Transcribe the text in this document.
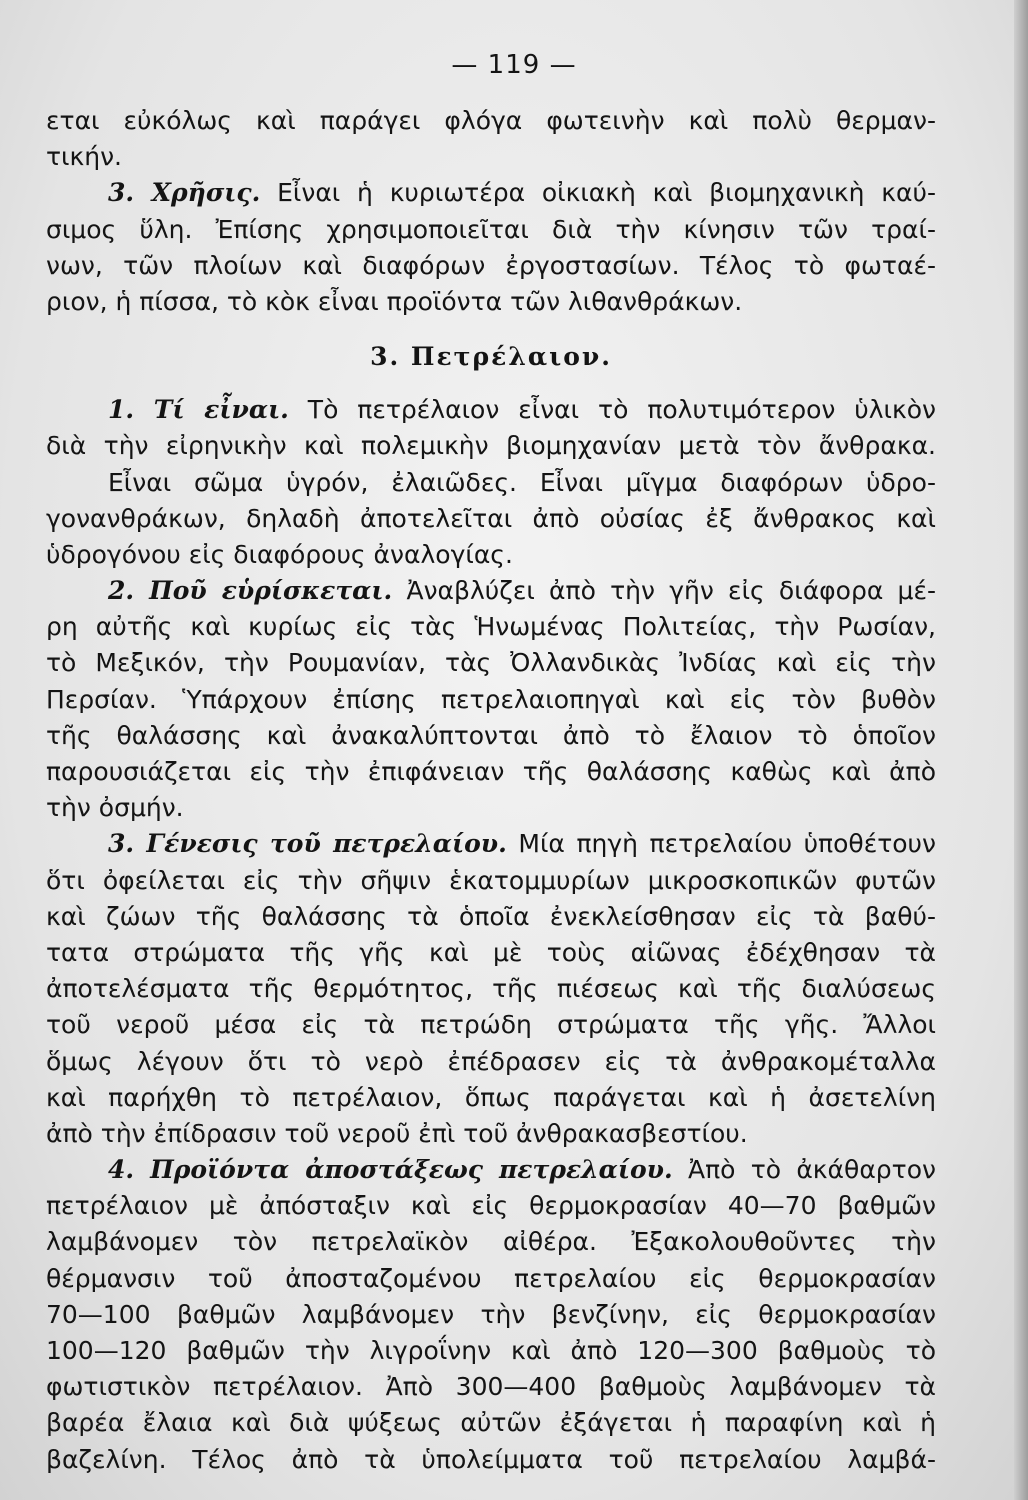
— 119 —
εται εὐκόλως καὶ παράγει φλόγα φωτεινὴν καὶ πολὺ θερμαν-
τικήν.
3. Χρῆσις. Εἶναι ἡ κυριωτέρα οἰκιακὴ καὶ βιομηχανικὴ καύ-
σιμος ὕλη. Ἐπίσης χρησιμοποιεῖται διὰ τὴν κίνησιν τῶν τραί-
νων, τῶν πλοίων καὶ διαφόρων ἐργοστασίων. Τέλος τὸ φωταέ-
ριον, ἡ πίσσα, τὸ κὸκ εἶναι προϊόντα τῶν λιθανθράκων.
3. Πετρέλαιον.
1. Τί εἶναι. Τὸ πετρέλαιον εἶναι τὸ πολυτιμότερον ὑλικὸν
διὰ τὴν εἰρηνικὴν καὶ πολεμικὴν βιομηχανίαν μετὰ τὸν ἄνθρακα.
Εἶναι σῶμα ὑγρόν, ἐλαιῶδες. Εἶναι μῖγμα διαφόρων ὑδρο-
γονανθράκων, δηλαδὴ ἀποτελεῖται ἀπὸ οὐσίας ἐξ ἄνθρακος καὶ
ὑδρογόνου εἰς διαφόρους ἀναλογίας.
2. Ποῦ εὑρίσκεται. Ἀναβλύζει ἀπὸ τὴν γῆν εἰς διάφορα μέ-
ρη αὐτῆς καὶ κυρίως εἰς τὰς Ἡνωμένας Πολιτείας, τὴν Ρωσίαν,
τὸ Μεξικόν, τὴν Ρουμανίαν, τὰς Ὀλλανδικὰς Ἰνδίας καὶ εἰς τὴν
Περσίαν. Ὑπάρχουν ἐπίσης πετρελαιοπηγαὶ καὶ εἰς τὸν βυθὸν
τῆς θαλάσσης καὶ ἀνακαλύπτονται ἀπὸ τὸ ἔλαιον τὸ ὁποῖον
παρουσιάζεται εἰς τὴν ἐπιφάνειαν τῆς θαλάσσης καθὼς καὶ ἀπὸ
τὴν ὀσμήν.
3. Γένεσις τοῦ πετρελαίου. Μία πηγὴ πετρελαίου ὑποθέτουν
ὅτι ὀφείλεται εἰς τὴν σῆψιν ἑκατομμυρίων μικροσκοπικῶν φυτῶν
καὶ ζώων τῆς θαλάσσης τὰ ὁποῖα ἐνεκλείσθησαν εἰς τὰ βαθύ-
τατα στρώματα τῆς γῆς καὶ μὲ τοὺς αἰῶνας ἐδέχθησαν τὰ
ἀποτελέσματα τῆς θερμότητος, τῆς πιέσεως καὶ τῆς διαλύσεως
τοῦ νεροῦ μέσα εἰς τὰ πετρώδη στρώματα τῆς γῆς. Ἄλλοι
ὅμως λέγουν ὅτι τὸ νερὸ ἐπέδρασεν εἰς τὰ ἀνθρακομέταλλα
καὶ παρήχθη τὸ πετρέλαιον, ὅπως παράγεται καὶ ἡ ἀσετελίνη
ἀπὸ τὴν ἐπίδρασιν τοῦ νεροῦ ἐπὶ τοῦ ἀνθρακασβεστίου.
4. Προϊόντα ἀποστάξεως πετρελαίου. Ἀπὸ τὸ ἀκάθαρτον
πετρέλαιον μὲ ἀπόσταξιν καὶ εἰς θερμοκρασίαν 40—70 βαθμῶν
λαμβάνομεν τὸν πετρελαϊκὸν αἰθέρα. Ἐξακολουθοῦντες τὴν
θέρμανσιν τοῦ ἀποσταζομένου πετρελαίου εἰς θερμοκρασίαν
70—100 βαθμῶν λαμβάνομεν τὴν βενζίνην, εἰς θερμοκρασίαν
100—120 βαθμῶν τὴν λιγροΐνην καὶ ἀπὸ 120—300 βαθμοὺς τὸ
φωτιστικὸν πετρέλαιον. Ἀπὸ 300—400 βαθμοὺς λαμβάνομεν τὰ
βαρέα ἔλαια καὶ διὰ ψύξεως αὐτῶν ἐξάγεται ἡ παραφίνη καὶ ἡ
βαζελίνη. Τέλος ἀπὸ τὰ ὑπολείμματα τοῦ πετρελαίου λαμβά-
